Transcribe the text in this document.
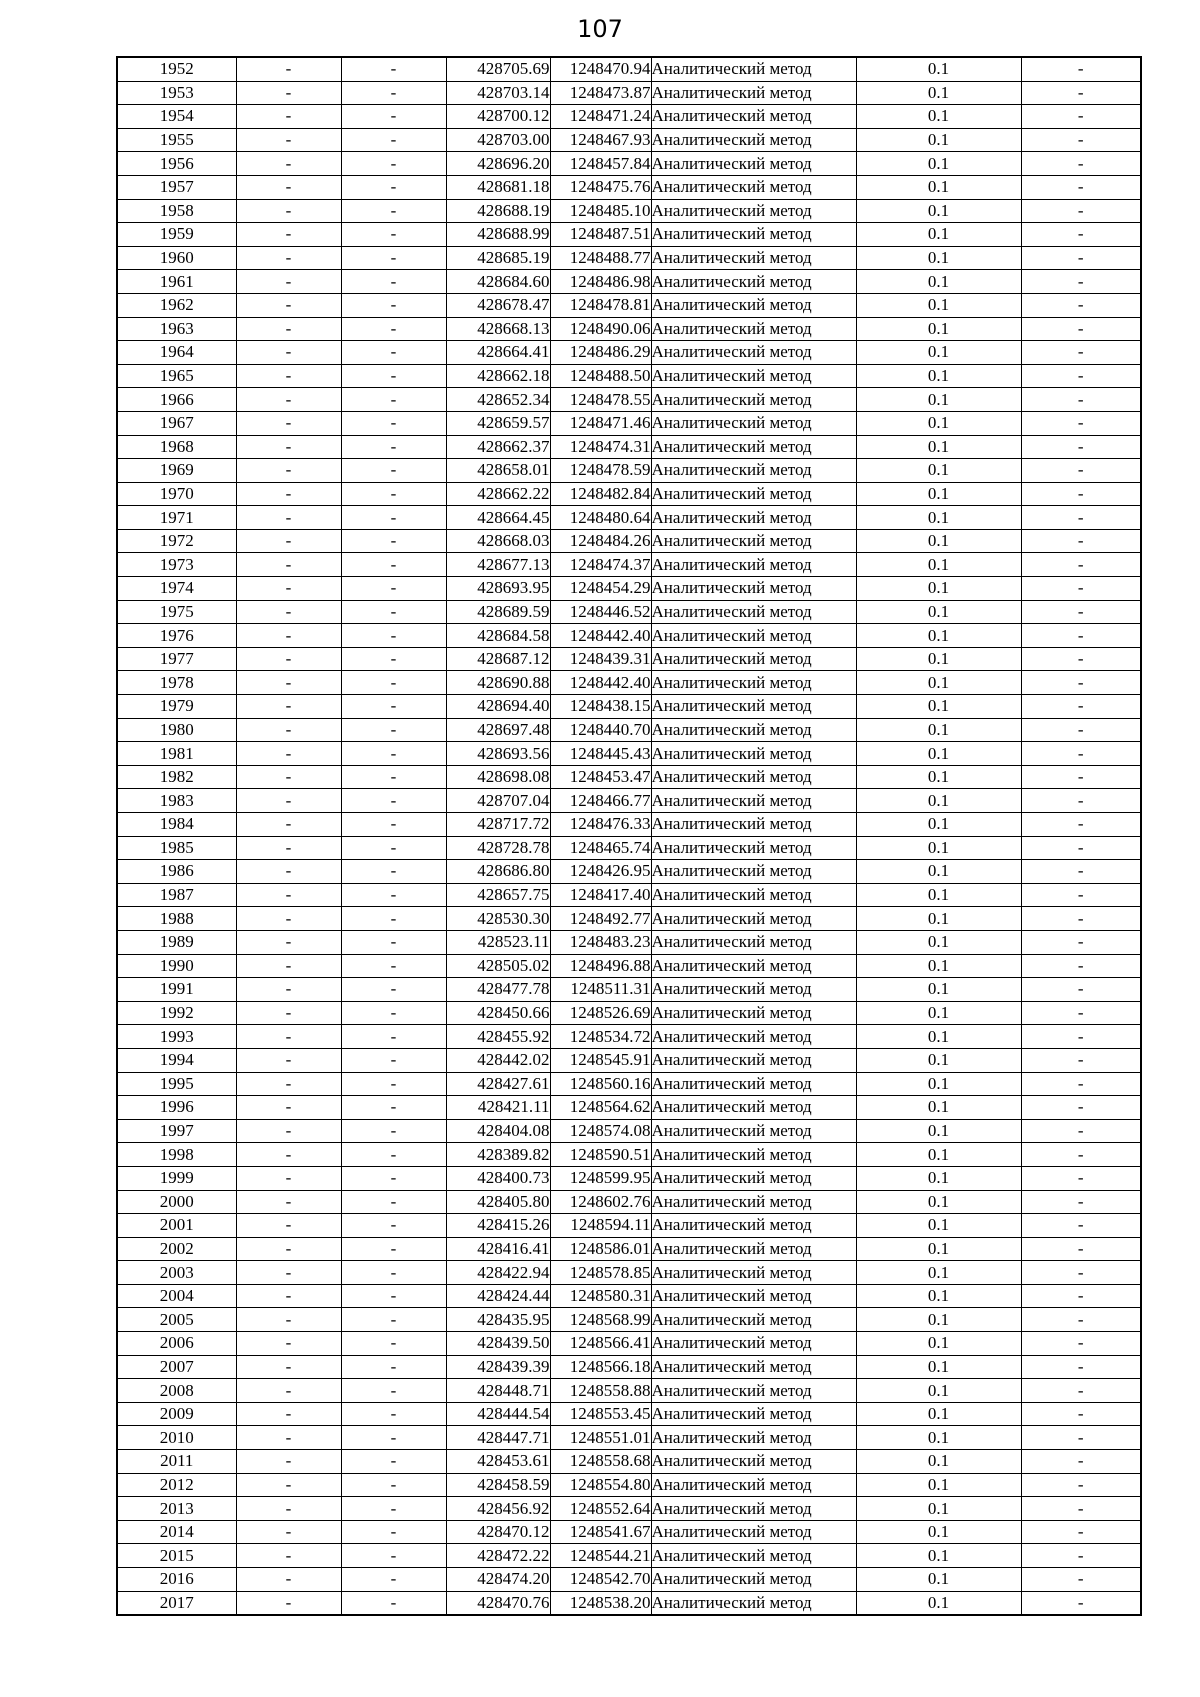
107
1952	-	-	428705.69	1248470.94	Аналитический метод	0.1	-
1953	-	-	428703.14	1248473.87	Аналитический метод	0.1	-
1954	-	-	428700.12	1248471.24	Аналитический метод	0.1	-
1955	-	-	428703.00	1248467.93	Аналитический метод	0.1	-
1956	-	-	428696.20	1248457.84	Аналитический метод	0.1	-
1957	-	-	428681.18	1248475.76	Аналитический метод	0.1	-
1958	-	-	428688.19	1248485.10	Аналитический метод	0.1	-
1959	-	-	428688.99	1248487.51	Аналитический метод	0.1	-
1960	-	-	428685.19	1248488.77	Аналитический метод	0.1	-
1961	-	-	428684.60	1248486.98	Аналитический метод	0.1	-
1962	-	-	428678.47	1248478.81	Аналитический метод	0.1	-
1963	-	-	428668.13	1248490.06	Аналитический метод	0.1	-
1964	-	-	428664.41	1248486.29	Аналитический метод	0.1	-
1965	-	-	428662.18	1248488.50	Аналитический метод	0.1	-
1966	-	-	428652.34	1248478.55	Аналитический метод	0.1	-
1967	-	-	428659.57	1248471.46	Аналитический метод	0.1	-
1968	-	-	428662.37	1248474.31	Аналитический метод	0.1	-
1969	-	-	428658.01	1248478.59	Аналитический метод	0.1	-
1970	-	-	428662.22	1248482.84	Аналитический метод	0.1	-
1971	-	-	428664.45	1248480.64	Аналитический метод	0.1	-
1972	-	-	428668.03	1248484.26	Аналитический метод	0.1	-
1973	-	-	428677.13	1248474.37	Аналитический метод	0.1	-
1974	-	-	428693.95	1248454.29	Аналитический метод	0.1	-
1975	-	-	428689.59	1248446.52	Аналитический метод	0.1	-
1976	-	-	428684.58	1248442.40	Аналитический метод	0.1	-
1977	-	-	428687.12	1248439.31	Аналитический метод	0.1	-
1978	-	-	428690.88	1248442.40	Аналитический метод	0.1	-
1979	-	-	428694.40	1248438.15	Аналитический метод	0.1	-
1980	-	-	428697.48	1248440.70	Аналитический метод	0.1	-
1981	-	-	428693.56	1248445.43	Аналитический метод	0.1	-
1982	-	-	428698.08	1248453.47	Аналитический метод	0.1	-
1983	-	-	428707.04	1248466.77	Аналитический метод	0.1	-
1984	-	-	428717.72	1248476.33	Аналитический метод	0.1	-
1985	-	-	428728.78	1248465.74	Аналитический метод	0.1	-
1986	-	-	428686.80	1248426.95	Аналитический метод	0.1	-
1987	-	-	428657.75	1248417.40	Аналитический метод	0.1	-
1988	-	-	428530.30	1248492.77	Аналитический метод	0.1	-
1989	-	-	428523.11	1248483.23	Аналитический метод	0.1	-
1990	-	-	428505.02	1248496.88	Аналитический метод	0.1	-
1991	-	-	428477.78	1248511.31	Аналитический метод	0.1	-
1992	-	-	428450.66	1248526.69	Аналитический метод	0.1	-
1993	-	-	428455.92	1248534.72	Аналитический метод	0.1	-
1994	-	-	428442.02	1248545.91	Аналитический метод	0.1	-
1995	-	-	428427.61	1248560.16	Аналитический метод	0.1	-
1996	-	-	428421.11	1248564.62	Аналитический метод	0.1	-
1997	-	-	428404.08	1248574.08	Аналитический метод	0.1	-
1998	-	-	428389.82	1248590.51	Аналитический метод	0.1	-
1999	-	-	428400.73	1248599.95	Аналитический метод	0.1	-
2000	-	-	428405.80	1248602.76	Аналитический метод	0.1	-
2001	-	-	428415.26	1248594.11	Аналитический метод	0.1	-
2002	-	-	428416.41	1248586.01	Аналитический метод	0.1	-
2003	-	-	428422.94	1248578.85	Аналитический метод	0.1	-
2004	-	-	428424.44	1248580.31	Аналитический метод	0.1	-
2005	-	-	428435.95	1248568.99	Аналитический метод	0.1	-
2006	-	-	428439.50	1248566.41	Аналитический метод	0.1	-
2007	-	-	428439.39	1248566.18	Аналитический метод	0.1	-
2008	-	-	428448.71	1248558.88	Аналитический метод	0.1	-
2009	-	-	428444.54	1248553.45	Аналитический метод	0.1	-
2010	-	-	428447.71	1248551.01	Аналитический метод	0.1	-
2011	-	-	428453.61	1248558.68	Аналитический метод	0.1	-
2012	-	-	428458.59	1248554.80	Аналитический метод	0.1	-
2013	-	-	428456.92	1248552.64	Аналитический метод	0.1	-
2014	-	-	428470.12	1248541.67	Аналитический метод	0.1	-
2015	-	-	428472.22	1248544.21	Аналитический метод	0.1	-
2016	-	-	428474.20	1248542.70	Аналитический метод	0.1	-
2017	-	-	428470.76	1248538.20	Аналитический метод	0.1	-
